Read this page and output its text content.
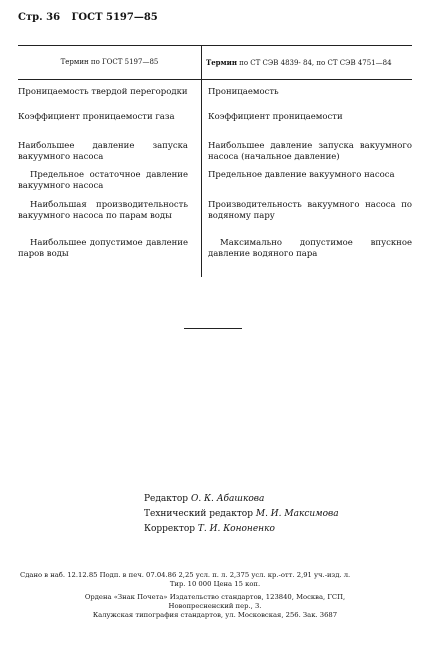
Стр. 36 ГОСТ 5197—85
Термин по ГОСТ 5197—85	Термин по СТ СЭВ 4839- 84, по СТ СЭВ 4751—84
Проницаемость твердой перегородки Проницаемость
Коэффициент проницаемости газа	Коэффициент проницаемости
Наибольшее давление запуска вакуумного насоса
Наибольшее давление запуска вакуумного насоса (начальное давление)
Предельное остаточное давление вакуумного насоса
Предельное давление вакуумного насоса
Наибольшая производительность вакуумного насоса по парам воды
Производительность вакуумного насоса по водяному пару
Наибольшее допустимое давление паров воды
Максимально допустимое впускное давление водяного пара
Редактор О. К. Абашкова
Технический редактор М. И. Максимова
Корректор Т. И. Кононенко
Сдано в наб. 12.12.85 Подп. в печ. 07.04.86 2,25 усл. п. л. 2,375 усл. кр.-отт. 2,91 уч.-изд. л.
Тир. 10 000 Цена 15 коп.
Ордена «Знак Почета» Издательство стандартов, 123840, Москва, ГСП,
Новопресненский пер., 3.
Калужская типография стандартов, ул. Московская, 256. Зак. 3687
